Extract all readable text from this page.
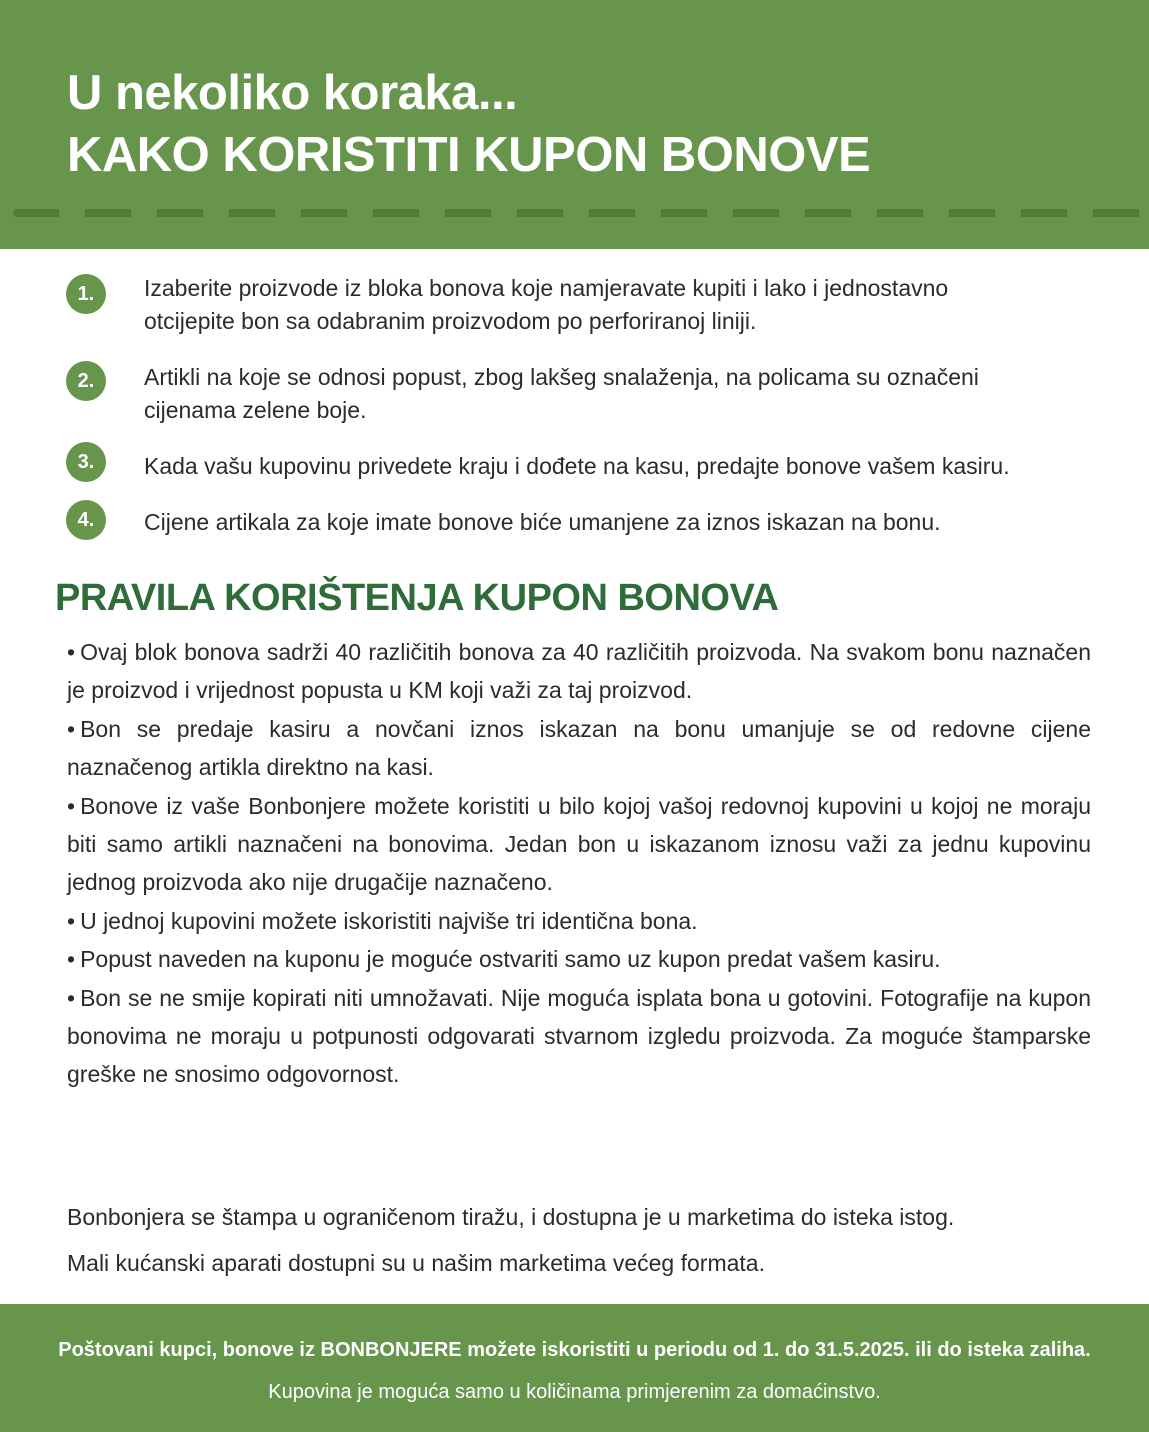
U nekoliko koraka...
KAKO KORISTITI KUPON BONOVE
1.	Izaberite proizvode iz bloka bonova koje namjeravate kupiti i lako i jednostavno otcijepite bon sa odabranim proizvodom po perforiranoj liniji.
2.	Artikli na koje se odnosi popust, zbog lakšeg snalaženja, na policama su označeni cijenama zelene boje.
3.	Kada vašu kupovinu privedete kraju i dođete na kasu, predajte bonove vašem kasiru.
4.	Cijene artikala za koje imate bonove biće umanjene za iznos iskazan na bonu.
PRAVILA KORIŠTENJA KUPON BONOVA
• Ovaj blok bonova sadrži 40 različitih bonova za 40 različitih proizvoda. Na svakom bonu naznačen je proizvod i vrijednost popusta u KM koji važi za taj proizvod.
• Bon se predaje kasiru a novčani iznos iskazan na bonu umanjuje se od redovne cijene naznačenog artikla direktno na kasi.
• Bonove iz vaše Bonbonjere možete koristiti u bilo kojoj vašoj redovnoj kupovini u kojoj ne moraju biti samo artikli naznačeni na bonovima. Jedan bon u iskazanom iznosu važi za jednu kupovinu jednog proizvoda ako nije drugačije naznačeno.
• U jednoj kupovini možete iskoristiti najviše tri identična bona.
• Popust naveden na kuponu je moguće ostvariti samo uz kupon predat vašem kasiru.
• Bon se ne smije kopirati niti umnožavati. Nije moguća isplata bona u gotovini. Fotografije na kupon bonovima ne moraju u potpunosti odgovarati stvarnom izgledu proizvoda. Za moguće štamparske greške ne snosimo odgovornost.

Bonbonjera se štampa u ograničenom tiražu, i dostupna je u marketima do isteka istog.

Mali kućanski aparati dostupni su u našim marketima većeg formata.

Poštovani kupci, bonove iz BONBONJERE možete iskoristiti u periodu od 1. do 31.5.2025. ili do isteka zaliha.

Kupovina je moguća samo u količinama primjerenim za domaćinstvo.
